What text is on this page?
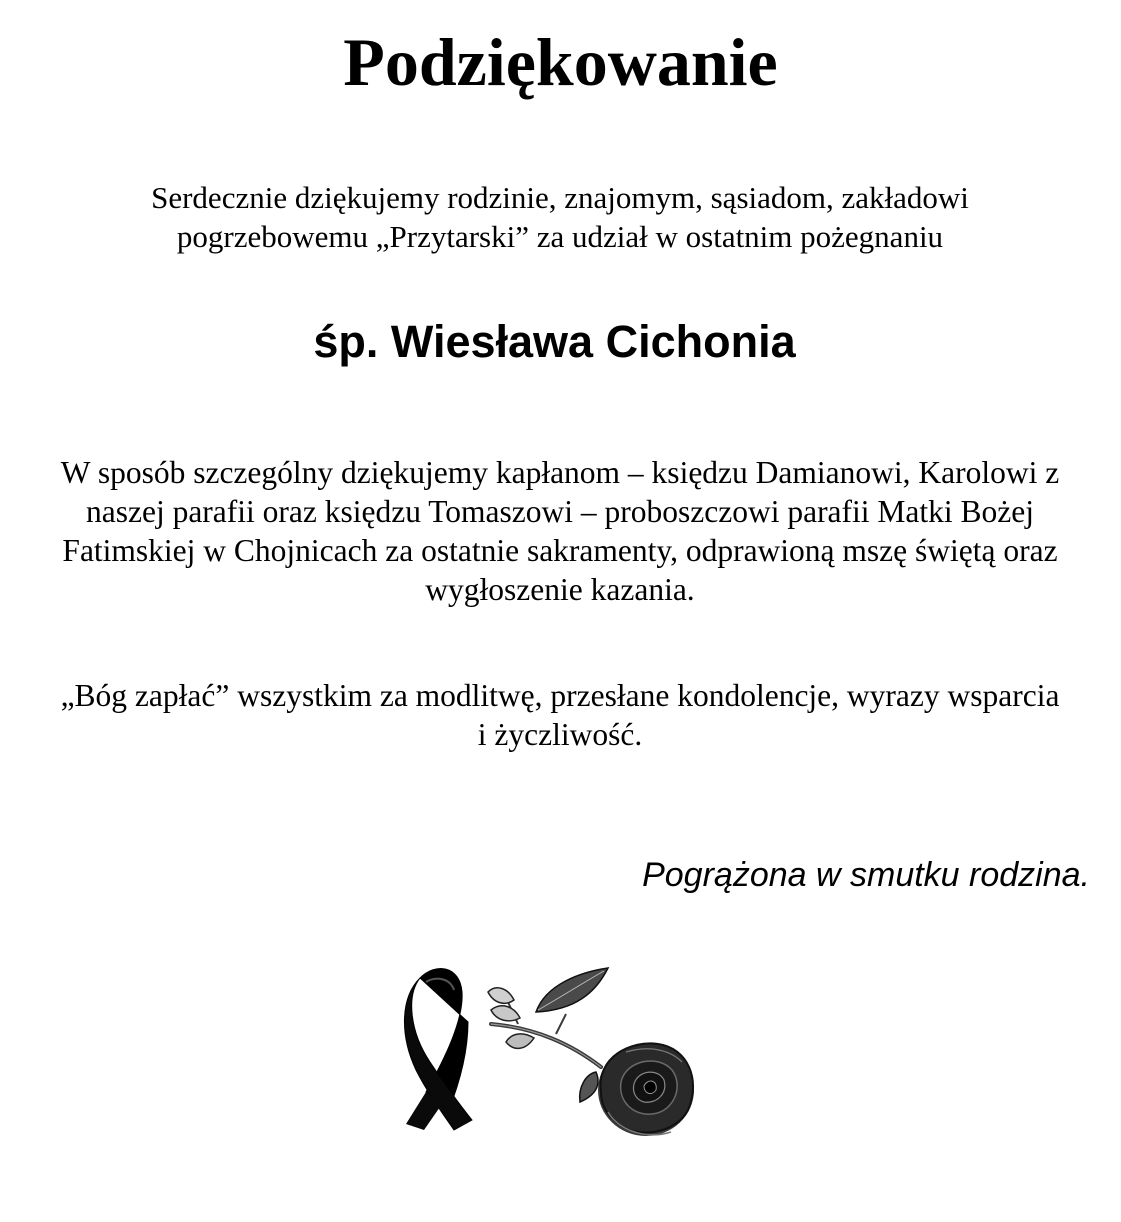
Podziękowanie

Serdecznie dziękujemy rodzinie, znajomym, sąsiadom, zakładowi
pogrzebowemu „Przytarski” za udział w ostatnim pożegnaniu

śp. Wiesława Cichonia

W sposób szczególny dziękujemy kapłanom – księdzu Damianowi, Karolowi z
naszej parafii oraz księdzu Tomaszowi – proboszczowi parafii Matki Bożej
Fatimskiej w Chojnicach za ostatnie sakramenty, odprawioną mszę świętą oraz
wygłoszenie kazania.

„Bóg zapłać” wszystkim za modlitwę, przesłane kondolencje, wyrazy wsparcia
i życzliwość.

Pogrążona w smutku rodzina.
